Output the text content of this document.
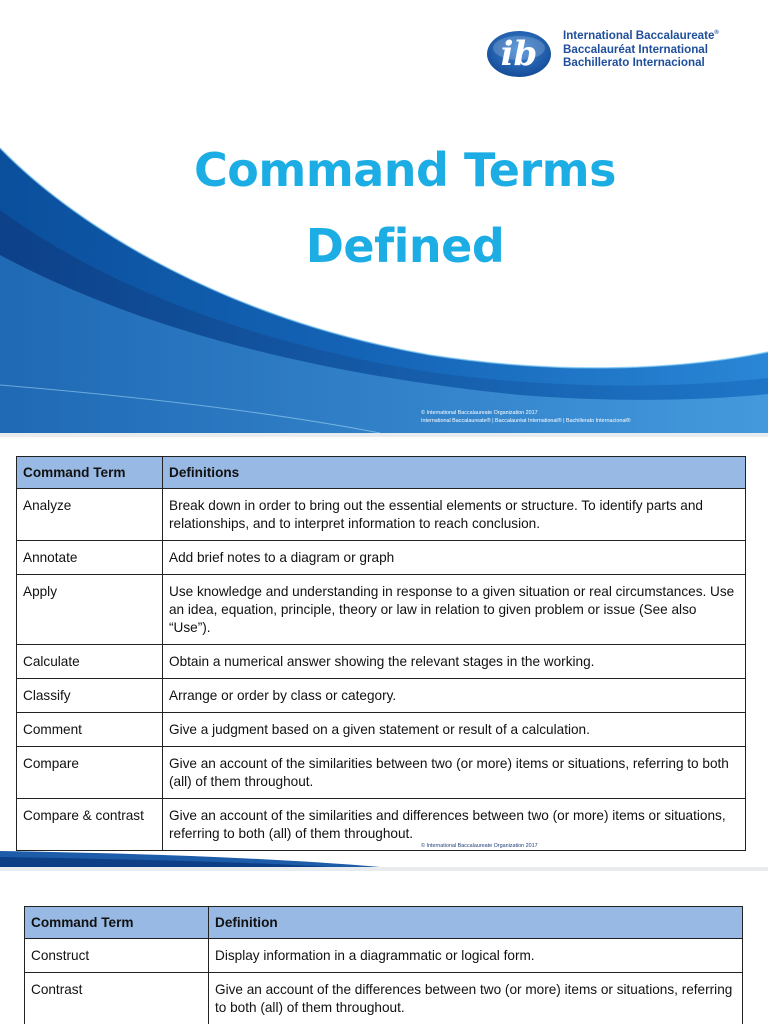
ib International Baccalaureate®
Baccalauréat International
Bachillerato Internacional
Command Terms
Defined
© International Baccalaureate Organization 2017
International Baccalaureate® | Baccalauréat International® | Bachillerato Internacional®
© International Baccalaureate Organization 2017
Command Term	Definitions
Analyze	Break down in order to bring out the essential elements or structure. To identify parts and relationships, and to interpret information to reach conclusion.
Annotate	Add brief notes to a diagram or graph
Apply	Use knowledge and understanding in response to a given situation or real circumstances. Use an idea, equation, principle, theory or law in relation to given problem or issue (See also “Use”).
Calculate	Obtain a numerical answer showing the relevant stages in the working.
Classify	Arrange or order by class or category.
Comment	Give a judgment based on a given statement or result of a calculation.
Compare	Give an account of the similarities between two (or more) items or situations, referring to both (all) of them throughout.
Compare & contrast	Give an account of the similarities and differences between two (or more) items or situations, referring to both (all) of them throughout.
Command Term	Definition
Construct	Display information in a diagrammatic or logical form.
Contrast	Give an account of the differences between two (or more) items or situations, referring to both (all) of them throughout.
